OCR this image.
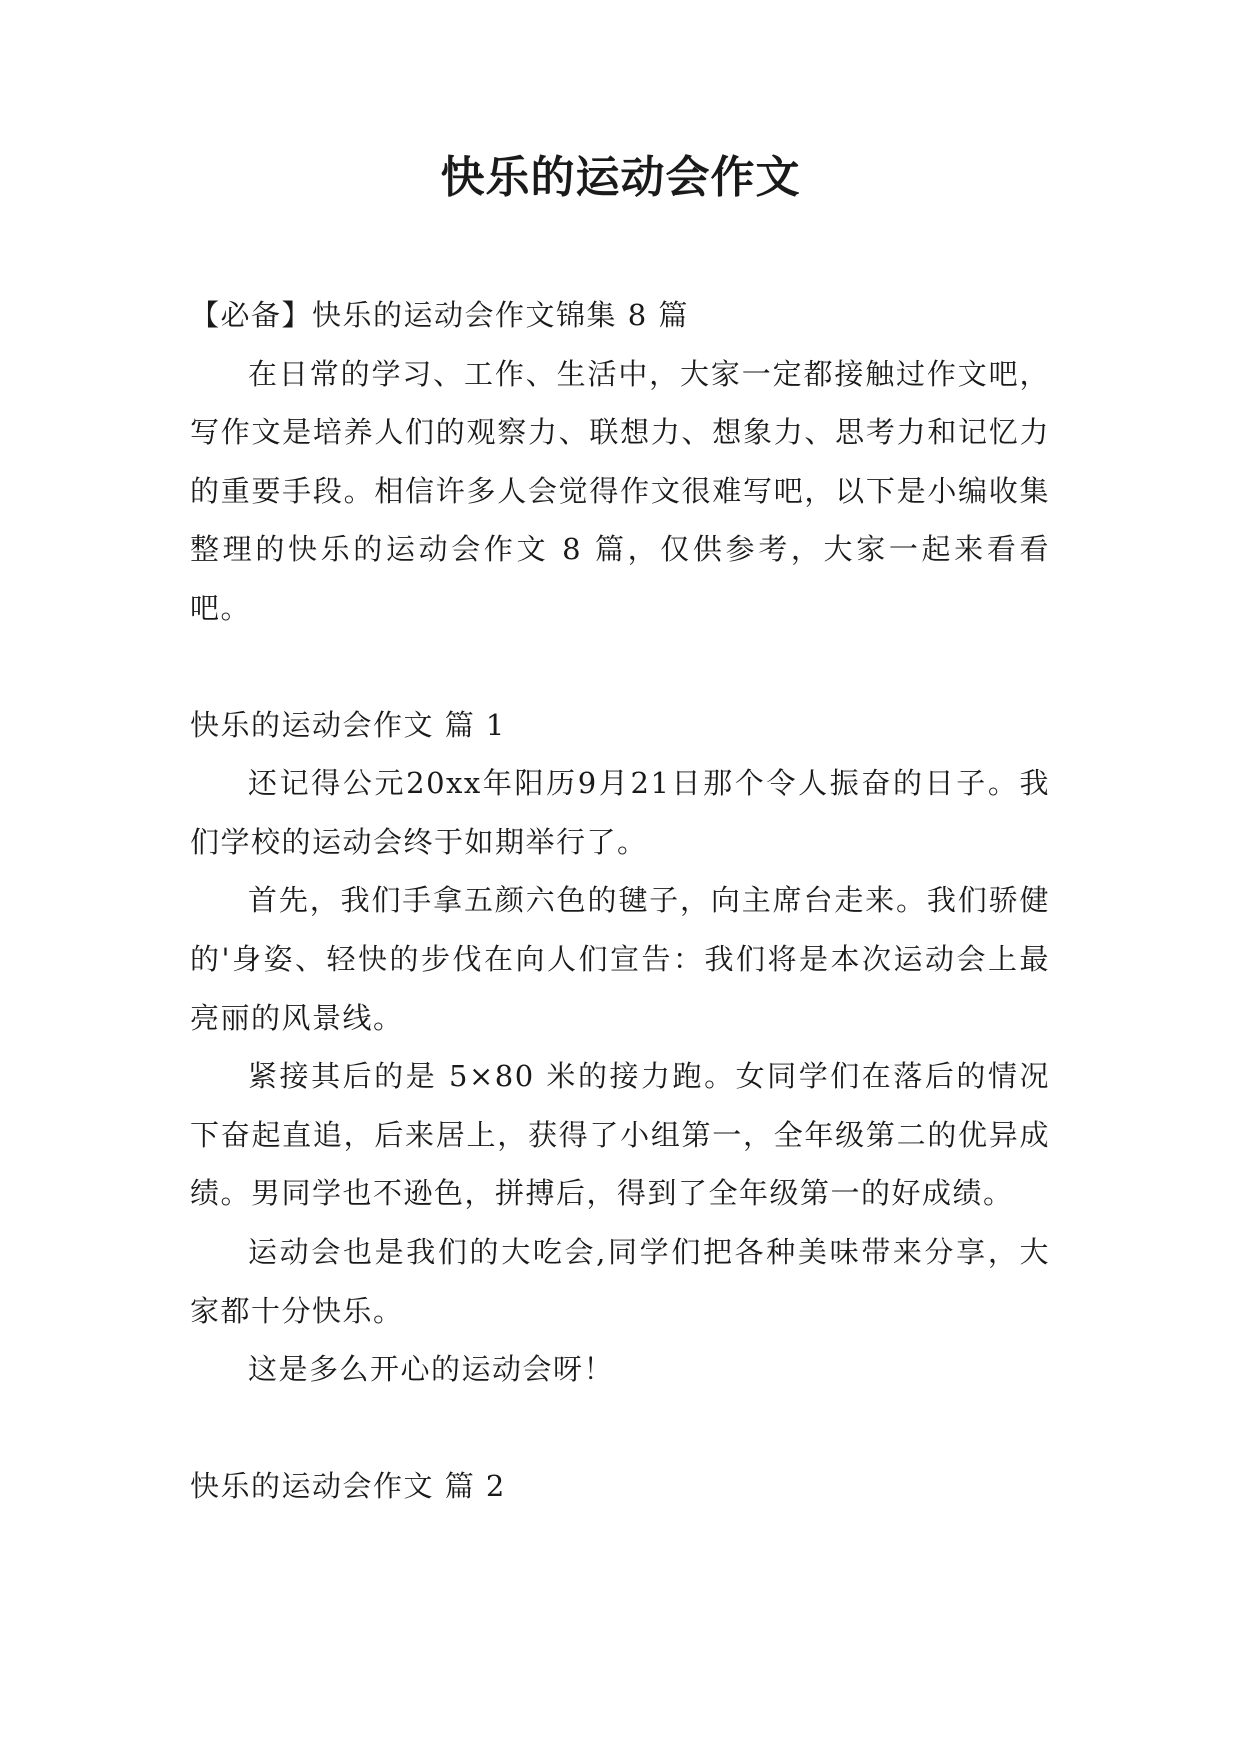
快乐的运动会作文

【必备】快乐的运动会作文锦集 8 篇

在日常的学习、工作、生活中，大家一定都接触过作文吧，写作文是培养人们的观察力、联想力、想象力、思考力和记忆力的重要手段。相信许多人会觉得作文很难写吧，以下是小编收集整理的快乐的运动会作文 8 篇，仅供参考，大家一起来看看吧。

快乐的运动会作文 篇 1

还记得公元20xx年阳历9月21日那个令人振奋的日子。我们学校的运动会终于如期举行了。

首先，我们手拿五颜六色的毽子，向主席台走来。我们骄健的'身姿、轻快的步伐在向人们宣告：我们将是本次运动会上最亮丽的风景线。

紧接其后的是 5×80 米的接力跑。女同学们在落后的情况下奋起直追，后来居上，获得了小组第一，全年级第二的优异成绩。男同学也不逊色，拼搏后，得到了全年级第一的好成绩。

运动会也是我们的大吃会,同学们把各种美味带来分享，大家都十分快乐。

这是多么开心的运动会呀！

快乐的运动会作文 篇 2
